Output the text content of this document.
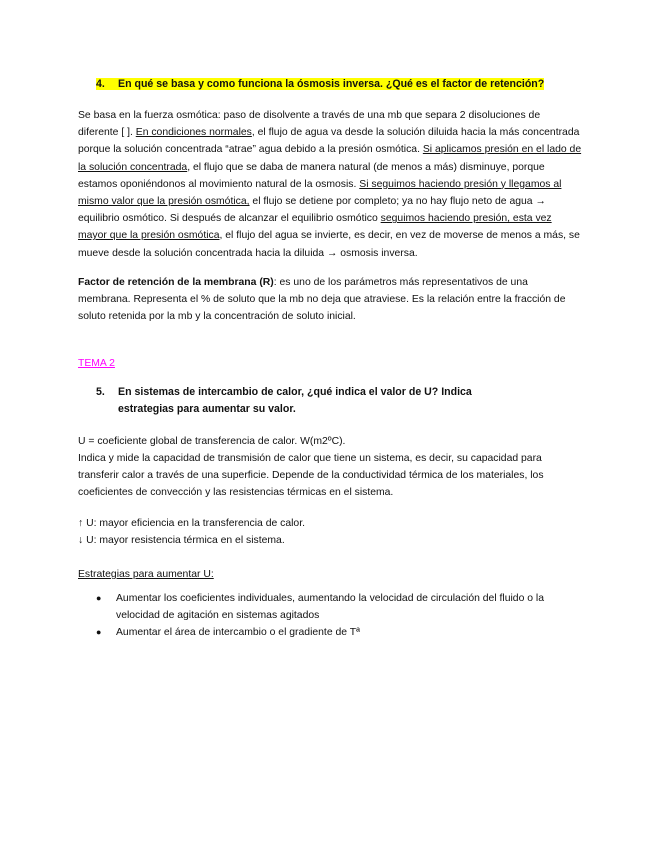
4. En qué se basa y como funciona la ósmosis inversa. ¿Qué es el factor de retención?

Se basa en la fuerza osmótica: paso de disolvente a través de una mb que separa 2 disoluciones de diferente [ ]. En condiciones normales, el flujo de agua va desde la solución diluida hacia la más concentrada porque la solución concentrada “atrae” agua debido a la presión osmótica. Si aplicamos presión en el lado de la solución concentrada, el flujo que se daba de manera natural (de menos a más) disminuye, porque estamos oponiéndonos al movimiento natural de la osmosis. Si seguimos haciendo presión y llegamos al mismo valor que la presión osmótica, el flujo se detiene por completo; ya no hay flujo neto de agua → equilibrio osmótico. Si después de alcanzar el equilibrio osmótico seguimos haciendo presión, esta vez mayor que la presión osmótica, el flujo del agua se invierte, es decir, en vez de moverse de menos a más, se mueve desde la solución concentrada hacia la diluida → osmosis inversa.

Factor de retención de la membrana (R): es uno de los parámetros más representativos de una membrana. Representa el % de soluto que la mb no deja que atraviese. Es la relación entre la fracción de soluto retenida por la mb y la concentración de soluto inicial.

TEMA 2
5. En sistemas de intercambio de calor, ¿qué indica el valor de U? Indica estrategias para aumentar su valor.
U = coeficiente global de transferencia de calor. W(m2ºC).

Indica y mide la capacidad de transmisión de calor que tiene un sistema, es decir, su capacidad para transferir calor a través de una superficie. Depende de la conductividad térmica de los materiales, los coeficientes de convección y las resistencias térmicas en el sistema.

↑ U: mayor eficiencia en la transferencia de calor.
↓ U: mayor resistencia térmica en el sistema.
Estrategias para aumentar U:
● Aumentar los coeficientes individuales, aumentando la velocidad de circulación del fluido o la velocidad de agitación en sistemas agitados
● Aumentar el área de intercambio o el gradiente de Tª
